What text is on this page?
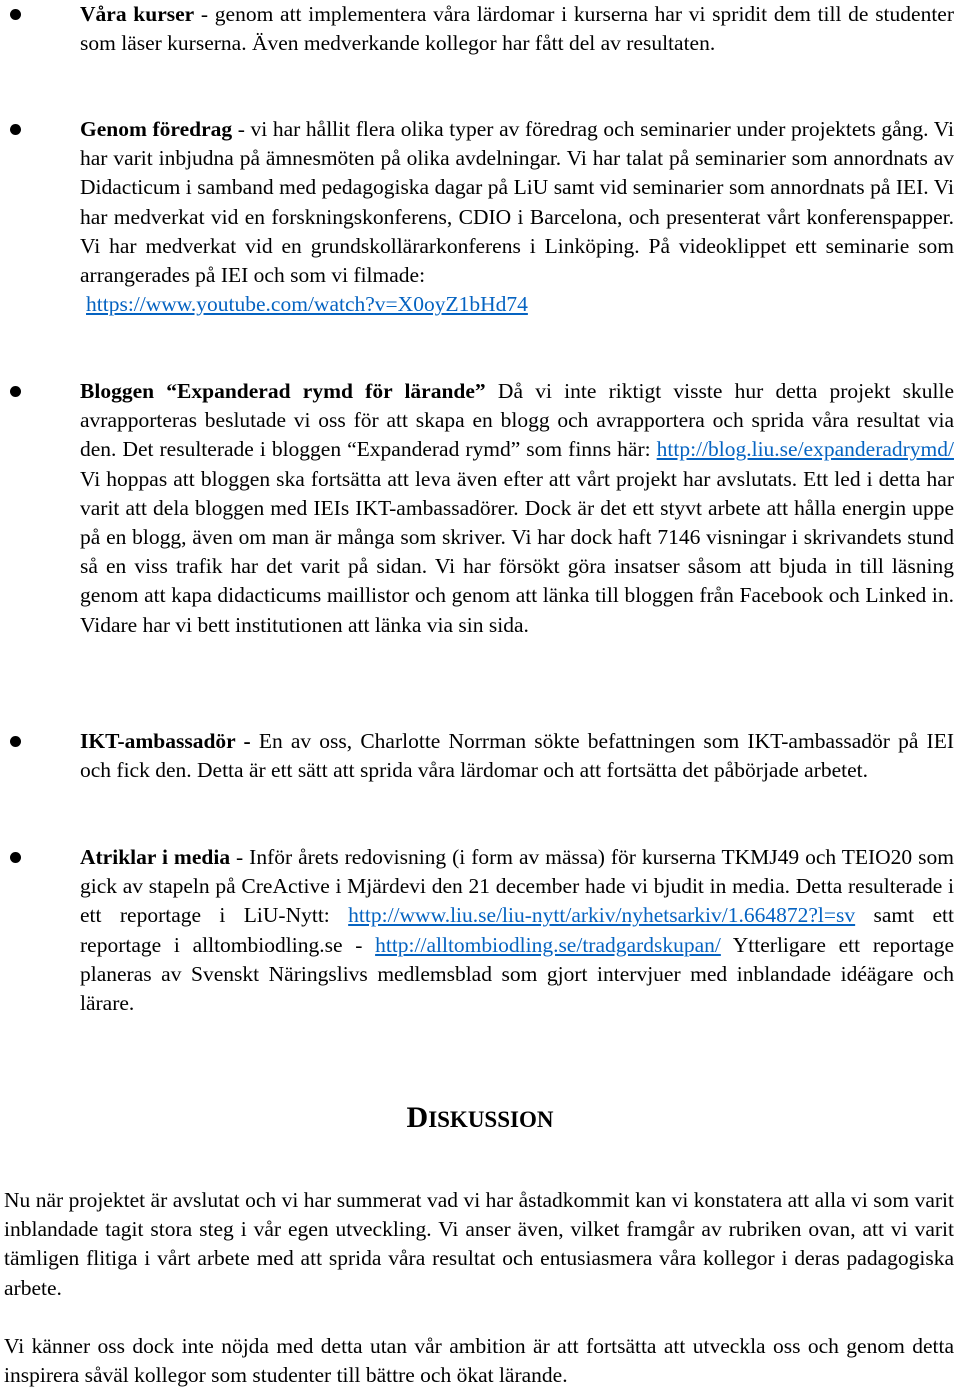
Våra kurser - genom att implementera våra lärdomar i kurserna har vi spridit dem till de studenter som läser kurserna. Även medverkande kollegor har fått del av resultaten.
Genom föredrag - vi har hållit flera olika typer av föredrag och seminarier under projektets gång. Vi har varit inbjudna på ämnesmöten på olika avdelningar. Vi har talat på seminarier som annordnats av Didacticum i samband med pedagogiska dagar på LiU samt vid seminarier som annordnats på IEI. Vi har medverkat vid en forskningskonferens, CDIO i Barcelona, och presenterat vårt konferenspapper. Vi har medverkat vid en grundskollärarkonferens i Linköping. På videoklippet ett seminarie som arrangerades på IEI och som vi filmade:
https://www.youtube.com/watch?v=X0oyZ1bHd74
Bloggen “Expanderad rymd för lärande” Då vi inte riktigt visste hur detta projekt skulle avrapporteras beslutade vi oss för att skapa en blogg och avrapportera och sprida våra resultat via den. Det resulterade i bloggen “Expanderad rymd” som finns här: http://blog.liu.se/expanderadrymd/ Vi hoppas att bloggen ska fortsätta att leva även efter att vårt projekt har avslutats. Ett led i detta har varit att dela bloggen med IEIs IKT-ambassadörer. Dock är det ett styvt arbete att hålla energin uppe på en blogg, även om man är många som skriver. Vi har dock haft 7146 visningar i skrivandets stund så en viss trafik har det varit på sidan. Vi har försökt göra insatser såsom att bjuda in till läsning genom att kapa didacticums maillistor och genom att länka till bloggen från Facebook och Linked in. Vidare har vi bett institutionen att länka via sin sida.
IKT-ambassadör - En av oss, Charlotte Norrman sökte befattningen som IKT-ambassadör på IEI och fick den. Detta är ett sätt att sprida våra lärdomar och att fortsätta det påbörjade arbetet.
Atriklar i media - Inför årets redovisning (i form av mässa) för kurserna TKMJ49 och TEIO20 som gick av stapeln på CreActive i Mjärdevi den 21 december hade vi bjudit in media. Detta resulterade i ett reportage i LiU-Nytt: http://www.liu.se/liu-nytt/arkiv/nyhetsarkiv/1.664872?l=sv samt ett reportage i alltombiodling.se - http://alltombiodling.se/tradgardskupan/ Ytterligare ett reportage planeras av Svenskt Näringslivs medlemsblad som gjort intervjuer med inblandade idéägare och lärare.
DISKUSSION

Nu när projektet är avslutat och vi har summerat vad vi har åstadkommit kan vi konstatera att alla vi som varit inblandade tagit stora steg i vår egen utveckling. Vi anser även, vilket framgår av rubriken ovan, att vi varit tämligen flitiga i vårt arbete med att sprida våra resultat och entusiasmera våra kollegor i deras padagogiska arbete.

Vi känner oss dock inte nöjda med detta utan vår ambition är att fortsätta att utveckla oss och genom detta inspirera såväl kollegor som studenter till bättre och ökat lärande.
